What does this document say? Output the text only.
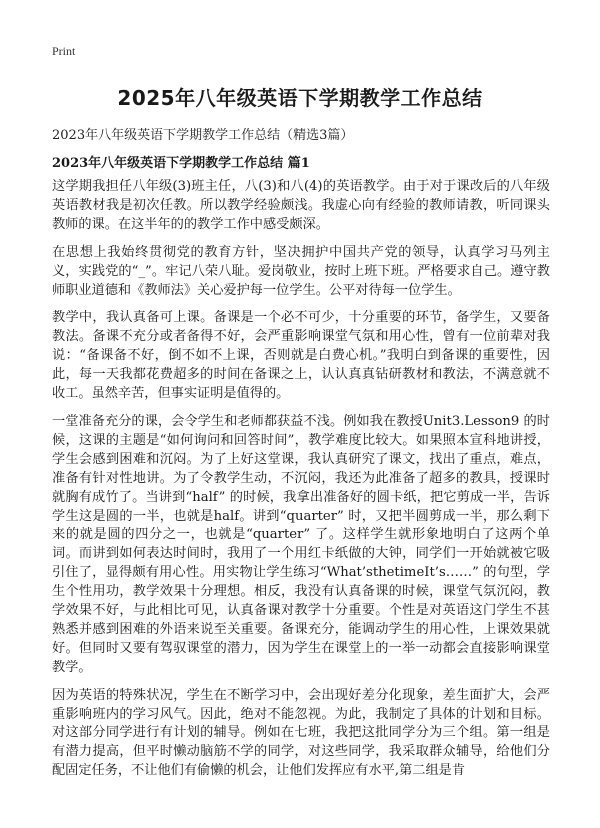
Print
2025年八年级英语下学期教学工作总结
2023年八年级英语下学期教学工作总结（精选3篇）
2023年八年级英语下学期教学工作总结 篇1

这学期我担任八年级(3)班主任，八(3)和八(4)的英语教学。由于对于课改后的八年级英语教材我是初次任教。所以教学经验颇浅。我虚心向有经验的教师请教，听同课头教师的课。在这半年的的教学工作中感受颇深。

在思想上我始终贯彻党的教育方针，坚决拥护中国共产党的领导，认真学习马列主义，实践党的“_”。牢记八荣八耻。爱岗敬业，按时上班下班。严格要求自己。遵守教师职业道德和《教师法》关心爱护每一位学生。公平对待每一位学生。

教学中，我认真备可上课。备课是一个必不可少，十分重要的环节，备学生，又要备教法。备课不充分或者备得不好，会严重影响课堂气氛和用心性，曾有一位前辈对我说：“备课备不好，倒不如不上课，否则就是白费心机。”我明白到备课的重要性，因此，每一天我都花费超多的时间在备课之上，认认真真钻研教材和教法，不满意就不收工。虽然辛苦，但事实证明是值得的。

一堂准备充分的课，会令学生和老师都获益不浅。例如我在教授Unit3.Lesson9 的时候，这课的主题是“如何询问和回答时间”，教学难度比较大。如果照本宣科地讲授，学生会感到困难和沉闷。为了上好这堂课，我认真研究了课文，找出了重点，难点，准备有针对性地讲。为了令教学生动，不沉闷，我还为此准备了超多的教具，授课时就胸有成竹了。当讲到“half” 的时候，我拿出准备好的圆卡纸，把它剪成一半，告诉学生这是圆的一半，也就是half。讲到“quarter” 时，又把半圆剪成一半，那么剩下来的就是圆的四分之一，也就是“quarter” 了。这样学生就形象地明白了这两个单词。而讲到如何表达时间时，我用了一个用红卡纸做的大钟，同学们一开始就被它吸引住了，显得颇有用心性。用实物让学生练习“What’sthetimeIt’s……” 的句型，学生个性用功，教学效果十分理想。相反，我没有认真备课的时候，课堂气氛沉闷，教学效果不好，与此相比可见，认真备课对教学十分重要。个性是对英语这门学生不甚熟悉并感到困难的外语来说至关重要。备课充分，能调动学生的用心性，上课效果就好。但同时又要有驾驭课堂的潜力，因为学生在课堂上的一举一动都会直接影响课堂教学。

因为英语的特殊状况，学生在不断学习中，会出现好差分化现象，差生面扩大，会严重影响班内的学习风气。因此，绝对不能忽视。为此，我制定了具体的计划和目标。对这部分同学进行有计划的辅导。例如在七班，我把这批同学分为三个组。第一组是有潜力提高，但平时懒动脑筋不学的同学，对这些同学，我采取群众辅导，给他们分配固定任务，不让他们有偷懒的机会，让他们发挥应有水平,第二组是肯
